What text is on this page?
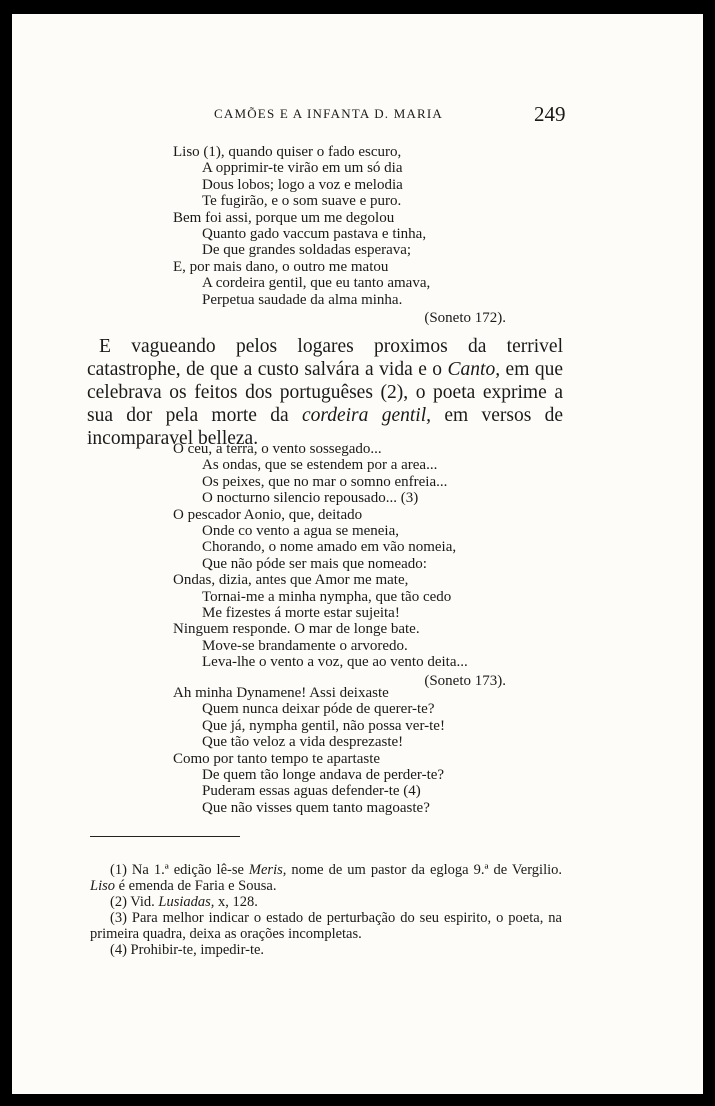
CAMÕES E A INFANTA D. MARIA	249
Liso (1), quando quiser o fado escuro,
A opprimir-te virão em um só dia
Dous lobos; logo a voz e melodia
Te fugirão, e o som suave e puro.
Bem foi assi, porque um me degolou
Quanto gado vaccum pastava e tinha,
De que grandes soldadas esperava;
E, por mais dano, o outro me matou
A cordeira gentil, que eu tanto amava,
Perpetua saudade da alma minha.
(Soneto 172).
E vagueando pelos logares proximos da terrivel catastrophe, de que a custo salvára a vida e o Canto, em que celebrava os feitos dos portuguêses (2), o poeta exprime a sua dor pela morte da cordeira gentil, em versos de incomparavel belleza.
O ceu, a terra, o vento sossegado...
As ondas, que se estendem por a area...
Os peixes, que no mar o somno enfreia...
O nocturno silencio repousado... (3)
O pescador Aonio, que, deitado
Onde co vento a agua se meneia,
Chorando, o nome amado em vão nomeia,
Que não póde ser mais que nomeado:
Ondas, dizia, antes que Amor me mate,
Tornai-me a minha nympha, que tão cedo
Me fizestes á morte estar sujeita!
Ninguem responde. O mar de longe bate.
Move-se brandamente o arvoredo.
Leva-lhe o vento a voz, que ao vento deita...
(Soneto 173).
Ah minha Dynamene! Assi deixaste
Quem nunca deixar póde de querer-te?
Que já, nympha gentil, não possa ver-te!
Que tão veloz a vida desprezaste!
Como por tanto tempo te apartaste
De quem tão longe andava de perder-te?
Puderam essas aguas defender-te (4)
Que não visses quem tanto magoaste?
(1) Na 1.ª edição lê-se Meris, nome de um pastor da egloga 9.ª de Vergilio. Liso é emenda de Faria e Sousa.
(2) Vid. Lusiadas, x, 128.
(3) Para melhor indicar o estado de perturbação do seu espirito, o poeta, na primeira quadra, deixa as orações incompletas.
(4) Prohibir-te, impedir-te.
